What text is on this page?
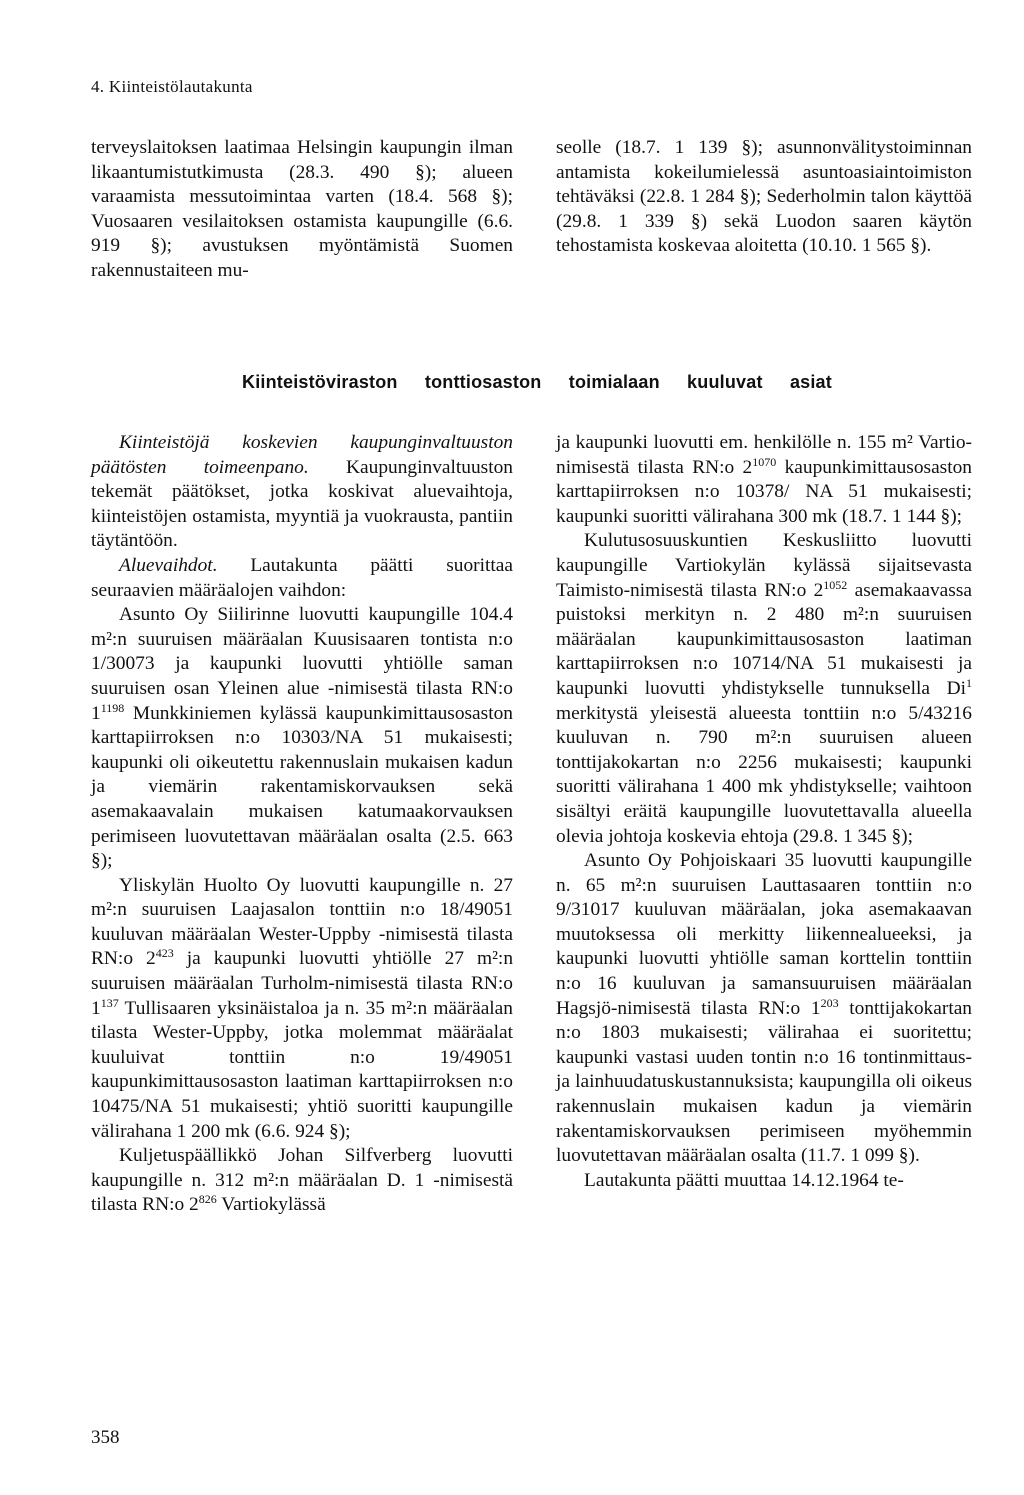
4. Kiinteistölautakunta

terveyslaitoksen laatimaa Helsingin kaupungin ilman likaantumistutkimusta (28.3. 490 §); alueen varaamista messutoimintaa varten (18.4. 568 §); Vuosaaren vesilaitoksen ostamista kaupungille (6.6. 919 §); avustuksen myöntämistä Suomen rakennustaiteen mu-

seolle (18.7. 1 139 §); asunnonvälitystoiminnan antamista kokeilumielessä asuntoasiaintoimiston tehtäväksi (22.8. 1 284 §); Sederholmin talon käyttöä (29.8. 1 339 §) sekä Luodon saaren käytön tehostamista koskevaa aloitetta (10.10. 1 565 §).

Kiinteistöviraston tonttiosaston toimialaan kuuluvat asiat

Kiinteistöjä koskevien kaupunginvaltuuston päätösten toimeenpano. Kaupunginvaltuuston tekemät päätökset, jotka koskivat aluevaihtoja, kiinteistöjen ostamista, myyntiä ja vuokrausta, pantiin täytäntöön.

Aluevaihdot. Lautakunta päätti suorittaa seuraavien määräalojen vaihdon:

Asunto Oy Siilirinne luovutti kaupungille 104.4 m²:n suuruisen määräalan Kuusisaaren tontista n:o 1/30073 ja kaupunki luovutti yhtiölle saman suuruisen osan Yleinen alue -nimisestä tilasta RN:o $1^{1198}$ Munkkiniemen kylässä kaupunkimittausosaston karttapiirroksen n:o 10303/NA 51 mukaisesti; kaupunki oli oikeutettu rakennuslain mukaisen kadun ja viemärin rakentamiskorvauksen sekä asemakaavalain mukaisen katumaakorvauksen perimiseen luovutettavan määräalan osalta (2.5. 663 §);

Yliskylän Huolto Oy luovutti kaupungille n. 27 m²:n suuruisen Laajasalon tonttiin n:o 18/49051 kuuluvan määräalan Wester-Uppby -nimisestä tilasta RN:o $2^{423}$ ja kaupunki luovutti yhtiölle 27 m²:n suuruisen määräalan Turholm-nimisestä tilasta RN:o $1^{137}$ Tullisaaren yksinäistaloa ja n. 35 m²:n määräalan tilasta Wester-Uppby, jotka molemmat määräalat kuuluivat tonttiin n:o 19/49051 kaupunkimittausosaston laatiman karttapiirroksen n:o 10475/NA 51 mukaisesti; yhtiö suoritti kaupungille välirahana 1 200 mk (6.6. 924 §);

Kuljetuspäällikkö Johan Silfverberg luovutti kaupungille n. 312 m²:n määräalan D. 1 -nimisestä tilasta RN:o $2^{826}$ Vartiokylässä

ja kaupunki luovutti em. henkilölle n. 155 m² Vartio-nimisestä tilasta RN:o $2^{1070}$ kaupunkimittausosaston karttapiirroksen n:o 10378/ NA 51 mukaisesti; kaupunki suoritti välirahana 300 mk (18.7. 1 144 §);

Kulutusosuuskuntien Keskusliitto luovutti kaupungille Vartiokylän kylässä sijaitsevasta Taimisto-nimisestä tilasta RN:o $2^{1052}$ asemakaavassa puistoksi merkityn n. 2 480 m²:n suuruisen määräalan kaupunkimittausosaston laatiman karttapiirroksen n:o 10714/NA 51 mukaisesti ja kaupunki luovutti yhdistykselle tunnuksella Di$^1$ merkitystä yleisestä alueesta tonttiin n:o 5/43216 kuuluvan n. 790 m²:n suuruisen alueen tonttijakokartan n:o 2256 mukaisesti; kaupunki suoritti välirahana 1 400 mk yhdistykselle; vaihtoon sisältyi eräitä kaupungille luovutettavalla alueella olevia johtoja koskevia ehtoja (29.8. 1 345 §);

Asunto Oy Pohjoiskaari 35 luovutti kaupungille n. 65 m²:n suuruisen Lauttasaaren tonttiin n:o 9/31017 kuuluvan määräalan, joka asemakaavan muutoksessa oli merkitty liikennealueeksi, ja kaupunki luovutti yhtiölle saman korttelin tonttiin n:o 16 kuuluvan ja samansuuruisen määräalan Hagsjö-nimisestä tilasta RN:o $1^{203}$ tonttijakokartan n:o 1803 mukaisesti; välirahaa ei suoritettu; kaupunki vastasi uuden tontin n:o 16 tontinmittaus- ja lainhuudatuskustannuksista; kaupungilla oli oikeus rakennuslain mukaisen kadun ja viemärin rakentamiskorvauksen perimiseen myöhemmin luovutettavan määräalan osalta (11.7. 1 099 §).

Lautakunta päätti muuttaa 14.12.1964 te-

358
